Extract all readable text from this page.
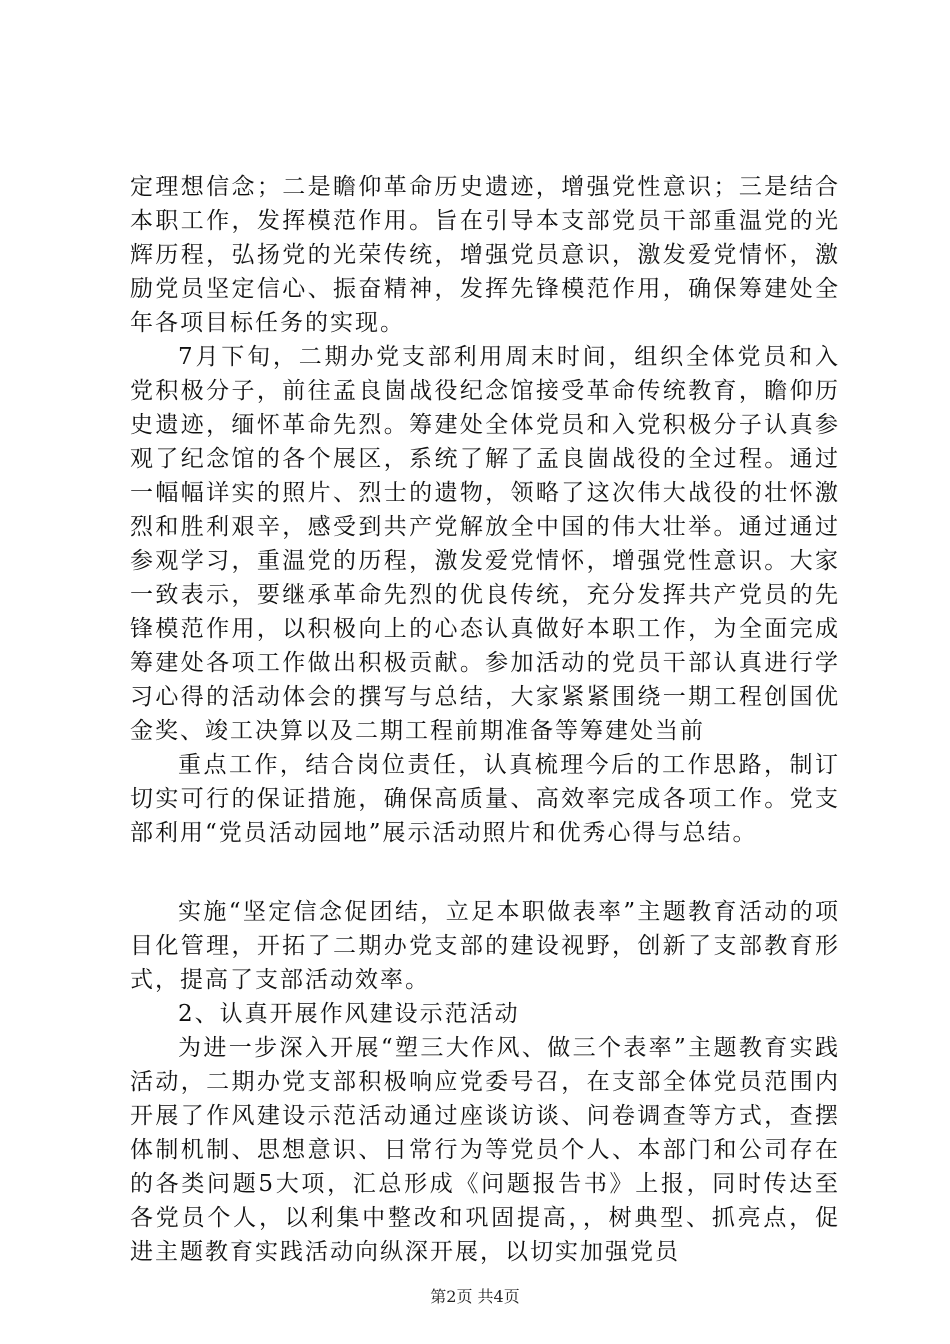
定理想信念；二是瞻仰革命历史遗迹，增强党性意识；三是结合本职工作，发挥模范作用。旨在引导本支部党员干部重温党的光辉历程，弘扬党的光荣传统，增强党员意识，激发爱党情怀，激励党员坚定信心、振奋精神，发挥先锋模范作用，确保筹建处全年各项目标任务的实现。

7月下旬，二期办党支部利用周末时间，组织全体党员和入党积极分子，前往孟良崮战役纪念馆接受革命传统教育，瞻仰历史遗迹，缅怀革命先烈。筹建处全体党员和入党积极分子认真参观了纪念馆的各个展区，系统了解了孟良崮战役的全过程。通过一幅幅详实的照片、烈士的遗物，领略了这次伟大战役的壮怀激烈和胜利艰辛，感受到共产党解放全中国的伟大壮举。通过通过参观学习，重温党的历程，激发爱党情怀，增强党性意识。大家一致表示，要继承革命先烈的优良传统，充分发挥共产党员的先锋模范作用，以积极向上的心态认真做好本职工作，为全面完成筹建处各项工作做出积极贡献。参加活动的党员干部认真进行学习心得的活动体会的撰写与总结，大家紧紧围绕一期工程创国优金奖、竣工决算以及二期工程前期准备等筹建处当前

重点工作，结合岗位责任，认真梳理今后的工作思路，制订切实可行的保证措施，确保高质量、高效率完成各项工作。党支部利用“党员活动园地”展示活动照片和优秀心得与总结。

实施“坚定信念促团结，立足本职做表率”主题教育活动的项目化管理，开拓了二期办党支部的建设视野，创新了支部教育形式，提高了支部活动效率。

2、认真开展作风建设示范活动

为进一步深入开展“塑三大作风、做三个表率”主题教育实践活动，二期办党支部积极响应党委号召，在支部全体党员范围内开展了作风建设示范活动通过座谈访谈、问卷调查等方式，查摆体制机制、思想意识、日常行为等党员个人、本部门和公司存在的各类问题5大项，汇总形成《问题报告书》上报，同时传达至各党员个人，以利集中整改和巩固提高，，树典型、抓亮点，促进主题教育实践活动向纵深开展，以切实加强党员

第2页 共4页
